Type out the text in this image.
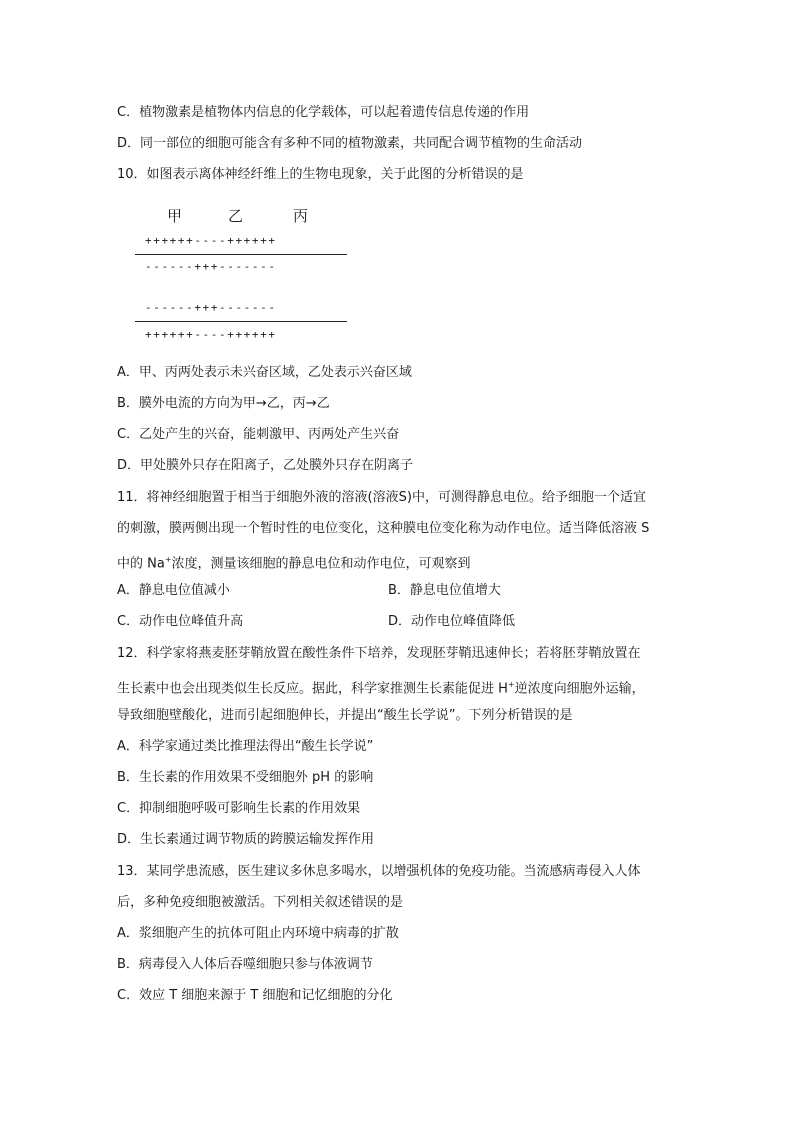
C．植物激素是植物体内信息的化学载体，可以起着遗传信息传递的作用
D．同一部位的细胞可能含有多种不同的植物激素，共同配合调节植物的生命活动
10．如图表示离体神经纤维上的生物电现象，关于此图的分析错误的是
甲	乙	丙
++++++----++++++
------+++-------
------+++-------
++++++----++++++
A．甲、丙两处表示未兴奋区域，乙处表示兴奋区域
B．膜外电流的方向为甲→乙，丙→乙
C．乙处产生的兴奋，能刺激甲、丙两处产生兴奋
D．甲处膜外只存在阳离子，乙处膜外只存在阴离子
11．将神经细胞置于相当于细胞外液的溶液(溶液S)中，可测得静息电位。给予细胞一个适宜
的刺激，膜两侧出现一个暂时性的电位变化，这种膜电位变化称为动作电位。适当降低溶液 S
中的 Na+浓度，测量该细胞的静息电位和动作电位，可观察到
A．静息电位值减小	B．静息电位值增大
C．动作电位峰值升高	D．动作电位峰值降低
12．科学家将燕麦胚芽鞘放置在酸性条件下培养，发现胚芽鞘迅速伸长；若将胚芽鞘放置在
生长素中也会出现类似生长反应。据此，科学家推测生长素能促进 H+逆浓度向细胞外运输，
导致细胞壁酸化，进而引起细胞伸长，并提出“酸生长学说”。下列分析错误的是
A．科学家通过类比推理法得出“酸生长学说”
B．生长素的作用效果不受细胞外 pH 的影响
C．抑制细胞呼吸可影响生长素的作用效果
D．生长素通过调节物质的跨膜运输发挥作用
13．某同学患流感，医生建议多休息多喝水，以增强机体的免疫功能。当流感病毒侵入人体
后，多种免疫细胞被激活。下列相关叙述错误的是
A．浆细胞产生的抗体可阻止内环境中病毒的扩散
B．病毒侵入人体后吞噬细胞只参与体液调节
C．效应 T 细胞来源于 T 细胞和记忆细胞的分化
